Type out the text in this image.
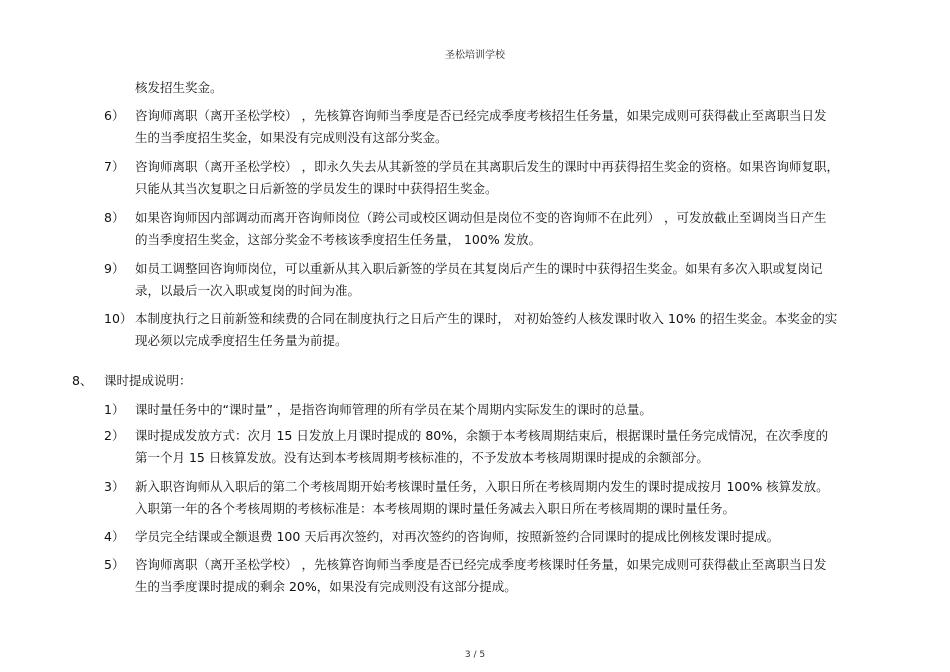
圣松培训学校
核发招生奖金。
6） 咨询师离职（离开圣松学校） ，先核算咨询师当季度是否已经完成季度考核招生任务量，如果完成则可获得截止至离职当日发
生的当季度招生奖金，如果没有完成则没有这部分奖金。
7） 咨询师离职（离开圣松学校） ，即永久失去从其新签的学员在其离职后发生的课时中再获得招生奖金的资格。如果咨询师复职，
只能从其当次复职之日后新签的学员发生的课时中获得招生奖金。
8） 如果咨询师因内部调动而离开咨询师岗位（跨公司或校区调动但是岗位不变的咨询师不在此列） ，可发放截止至调岗当日产生
的当季度招生奖金，这部分奖金不考核该季度招生任务量， 100% 发放。
9） 如员工调整回咨询师岗位，可以重新从其入职后新签的学员在其复岗后产生的课时中获得招生奖金。如果有多次入职或复岗记
录，以最后一次入职或复岗的时间为准。
10） 本制度执行之日前新签和续费的合同在制度执行之日后产生的课时， 对初始签约人核发课时收入 10% 的招生奖金。本奖金的实
现必须以完成季度招生任务量为前提。
8、 课时提成说明：
1） 课时量任务中的“课时量” ，是指咨询师管理的所有学员在某个周期内实际发生的课时的总量。
2） 课时提成发放方式：次月 15 日发放上月课时提成的 80%，余额于本考核周期结束后，根据课时量任务完成情况，在次季度的
第一个月 15 日核算发放。没有达到本考核周期考核标准的，不予发放本考核周期课时提成的余额部分。
3） 新入职咨询师从入职后的第二个考核周期开始考核课时量任务，入职日所在考核周期内发生的课时提成按月 100% 核算发放。
入职第一年的各个考核周期的考核标准是：本考核周期的课时量任务减去入职日所在考核周期的课时量任务。
4） 学员完全结课或全额退费 100 天后再次签约，对再次签约的咨询师，按照新签约合同课时的提成比例核发课时提成。
5） 咨询师离职（离开圣松学校） ，先核算咨询师当季度是否已经完成季度考核课时任务量，如果完成则可获得截止至离职当日发
生的当季度课时提成的剩余 20%，如果没有完成则没有这部分提成。
3 / 5
